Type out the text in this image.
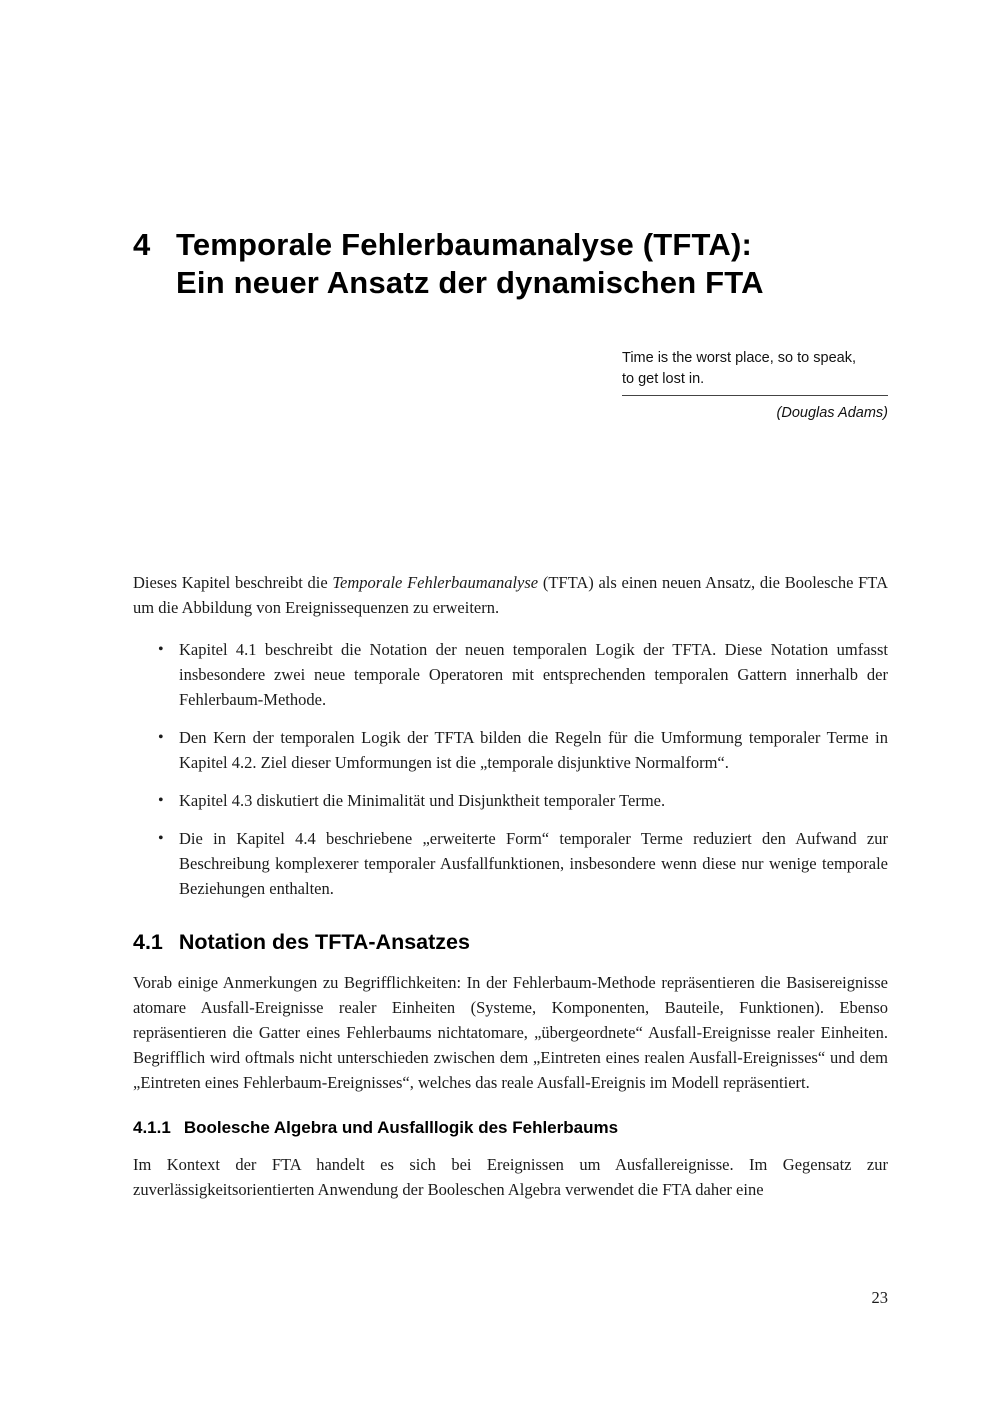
4 Temporale Fehlerbaumanalyse (TFTA):
Ein neuer Ansatz der dynamischen FTA
Time is the worst place, so to speak,
to get lost in.
(Douglas Adams)

Dieses Kapitel beschreibt die Temporale Fehlerbaumanalyse (TFTA) als einen neuen Ansatz, die Boolesche FTA um die Abbildung von Ereignissequenzen zu erweitern.

• Kapitel 4.1 beschreibt die Notation der neuen temporalen Logik der TFTA. Diese Notation umfasst insbesondere zwei neue temporale Operatoren mit entsprechenden temporalen Gattern innerhalb der Fehlerbaum-Methode.
• Den Kern der temporalen Logik der TFTA bilden die Regeln für die Umformung temporaler Terme in Kapitel 4.2. Ziel dieser Umformungen ist die „temporale disjunktive Normalform“.
• Kapitel 4.3 diskutiert die Minimalität und Disjunktheit temporaler Terme.
• Die in Kapitel 4.4 beschriebene „erweiterte Form“ temporaler Terme reduziert den Aufwand zur Beschreibung komplexerer temporaler Ausfallfunktionen, insbesondere wenn diese nur wenige temporale Beziehungen enthalten.
4.1 Notation des TFTA-Ansatzes

Vorab einige Anmerkungen zu Begrifflichkeiten: In der Fehlerbaum-Methode repräsentieren die Basisereignisse atomare Ausfall-Ereignisse realer Einheiten (Systeme, Komponenten, Bauteile, Funktionen). Ebenso repräsentieren die Gatter eines Fehlerbaums nichtatomare, „übergeordnete“ Ausfall-Ereignisse realer Einheiten. Begrifflich wird oftmals nicht unterschieden zwischen dem „Eintreten eines realen Ausfall-Ereignisses“ und dem „Eintreten eines Fehlerbaum-Ereignisses“, welches das reale Ausfall-Ereignis im Modell repräsentiert.

4.1.1 Boolesche Algebra und Ausfalllogik des Fehlerbaums

Im Kontext der FTA handelt es sich bei Ereignissen um Ausfallereignisse. Im Gegensatz zur zuverlässigkeitsorientierten Anwendung der Booleschen Algebra verwendet die FTA daher eine

23
